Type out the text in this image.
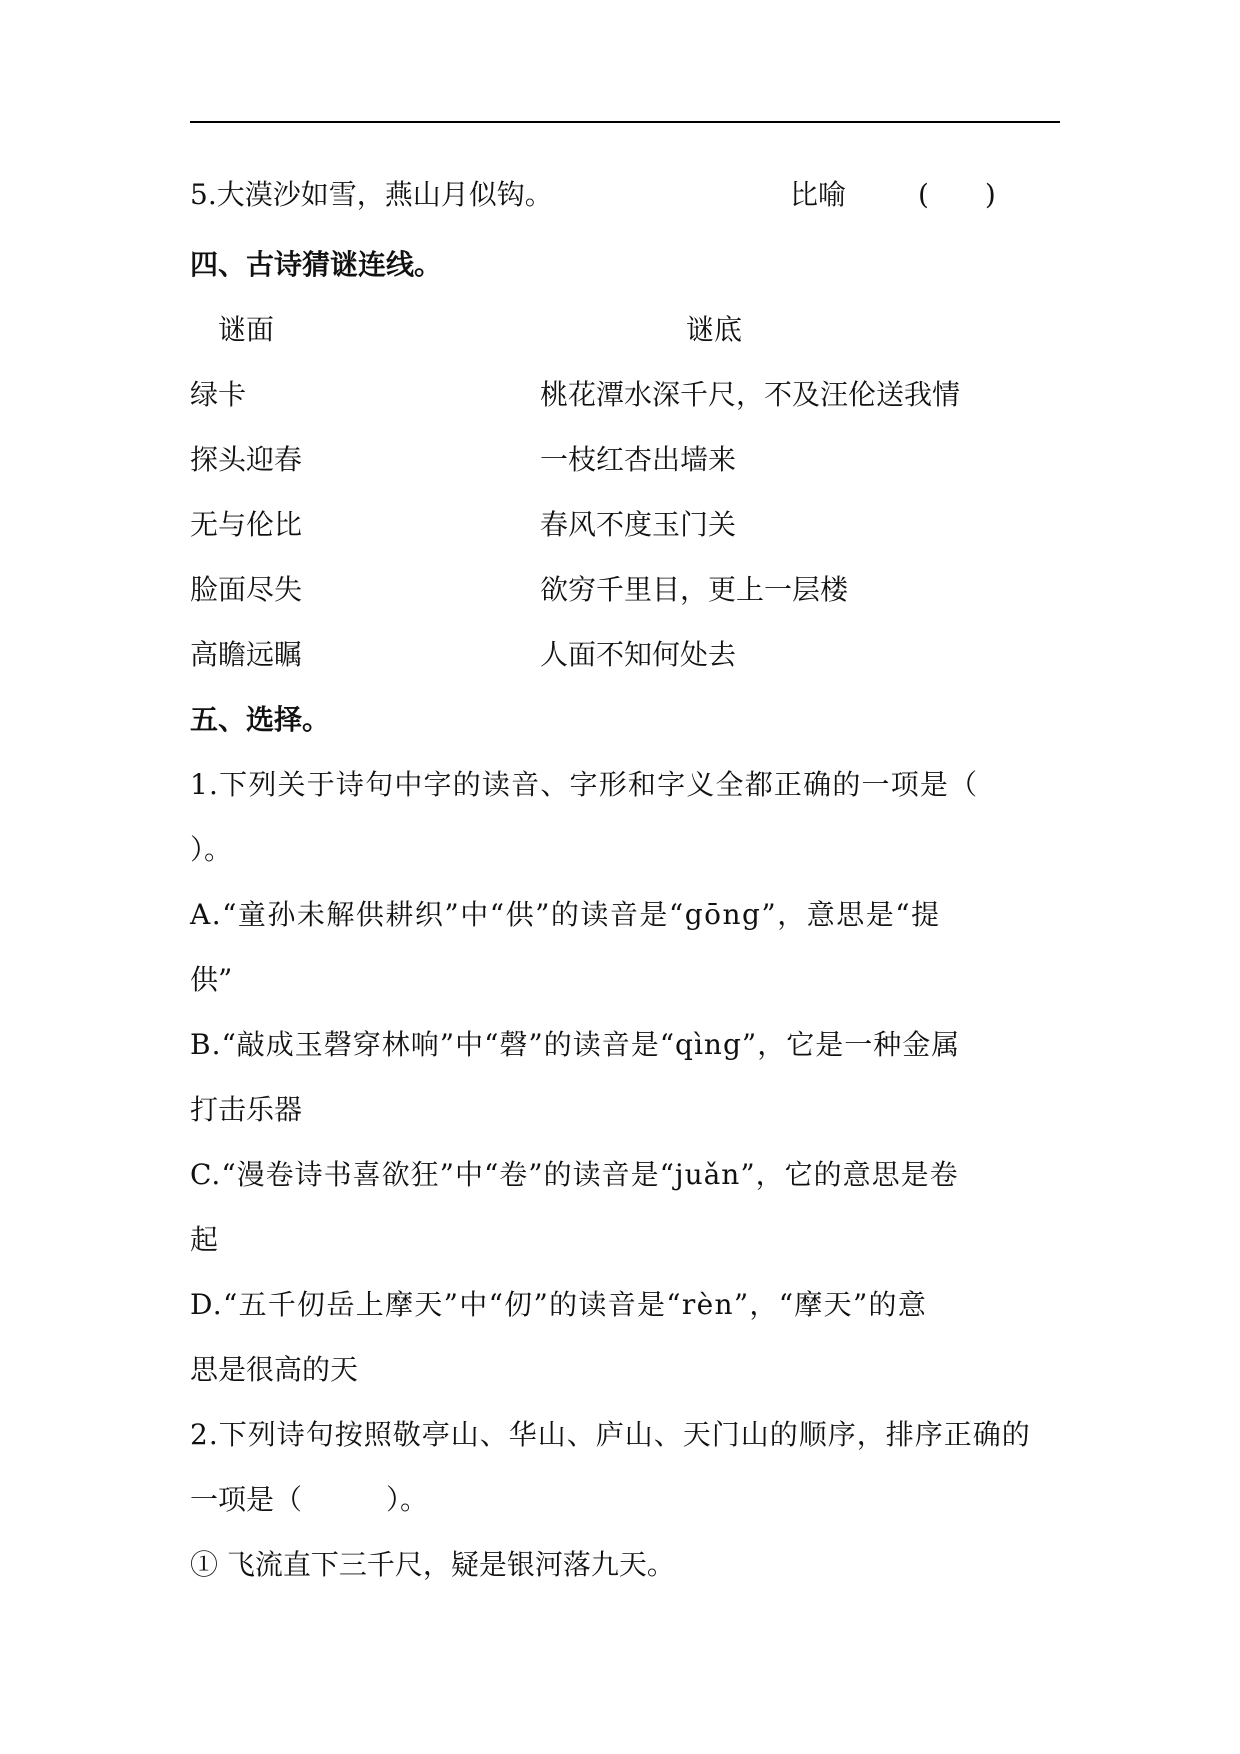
5.大漠沙如雪，燕山月似钩。	比喻	(　　)
四、古诗猜谜连线。
谜面	谜底
绿卡	桃花潭水深千尺，不及汪伦送我情
探头迎春	一枝红杏出墙来
无与伦比	春风不度玉门关
脸面尽失	欲穷千里目，更上一层楼
高瞻远瞩	人面不知何处去
五、选择。
1.下列关于诗句中字的读音、字形和字义全都正确的一项是（
）。
A.“童孙未解供耕织”中“供”的读音是“gōng”，意思是“提
供”
B.“敲成玉磬穿林响”中“磬”的读音是“qìng”，它是一种金属
打击乐器
C.“漫卷诗书喜欲狂”中“卷”的读音是“juǎn”，它的意思是卷
起
D.“五千仞岳上摩天”中“仞”的读音是“rèn”，“摩天”的意
思是很高的天
2.下列诗句按照敬亭山、华山、庐山、天门山的顺序，排序正确的
一项是（　　　）。
① 飞流直下三千尺，疑是银河落九天。
